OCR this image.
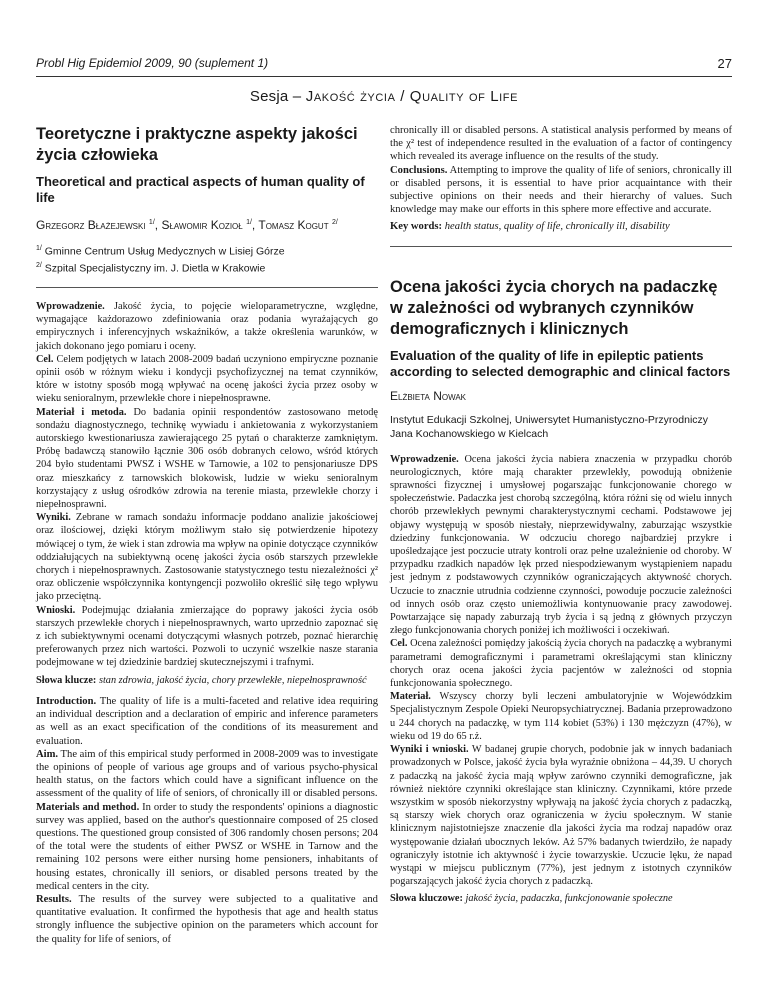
Probl Hig Epidemiol 2009, 90 (suplement 1)	27
Sesja – Jakość życia / Quality of Life
Teoretyczne i praktyczne aspekty jakości życia człowieka
Theoretical and practical aspects of human quality of life
Grzegorz Błażejewski $^{1/}$, Sławomir Kozioł $^{1/}$, Tomasz Kogut $^{2/}$

$^{1/}$ Gminne Centrum Usług Medycznych w Lisiej Górze

$^{2/}$ Szpital Specjalistyczny im. J. Dietla w Krakowie

Wprowadzenie. Jakość życia, to pojęcie wieloparametryczne, względne, wymagające każdorazowo zdefiniowania oraz podania wyrażających go empirycznych i inferencyjnych wskaźników, a także określenia warunków, w jakich dokonano jego pomiaru i oceny.

Cel. Celem podjętych w latach 2008-2009 badań uczyniono empiryczne poznanie opinii osób w różnym wieku i kondycji psychofizycznej na temat czynników, które w istotny sposób mogą wpływać na ocenę jakości życia przez osoby w wieku senioralnym, przewlekłe chore i niepełnosprawne.

Materiał i metoda. Do badania opinii respondentów zastosowano metodę sondażu diagnostycznego, technikę wywiadu i ankietowania z wykorzystaniem autorskiego kwestionariusza zawierającego 25 pytań o charakterze zamkniętym. Próbę badawczą stanowiło łącznie 306 osób dobranych celowo, wśród których 204 było studentami PWSZ i WSHE w Tarnowie, a 102 to pensjonariusze DPS oraz mieszkańcy z tarnowskich blokowisk, ludzie w wieku senioralnym korzystający z usług ośrodków zdrowia na terenie miasta, przewlekłe chorzy i niepełnosprawni.

Wyniki. Zebrane w ramach sondażu informacje poddano analizie jakościowej oraz ilościowej, dzięki którym możliwym stało się potwierdzenie hipotezy mówiącej o tym, że wiek i stan zdrowia ma wpływ na opinie dotyczące czynników oddziałujących na subiektywną ocenę jakości życia osób starszych przewlekłe chorych i niepełnosprawnych. Zastosowanie statystycznego testu niezależności χ² oraz obliczenie współczynnika kontyngencji pozwoliło określić siłę tego wpływu jako przeciętną.

Wnioski. Podejmując działania zmierzające do poprawy jakości życia osób starszych przewlekłe chorych i niepełnosprawnych, warto uprzednio zapoznać się z ich subiektywnymi ocenami dotyczącymi własnych potrzeb, poznać hierarchię preferowanych przez nich wartości. Pozwoli to uczynić wszelkie nasze starania podejmowane w tej dziedzinie bardziej skutecznejszymi i trafnymi.

Słowa klucze: stan zdrowia, jakość życia, chory przewlekłe, niepełnosprawność

Introduction. The quality of life is a multi-faceted and relative idea requiring an individual description and a declaration of empiric and inference parameters as well as an exact specification of the conditions of its measurement and evaluation.

Aim. The aim of this empirical study performed in 2008-2009 was to investigate the opinions of people of various age groups and of various psycho-physical health status, on the factors which could have a significant influence on the assessment of the quality of life of seniors, of chronically ill or disabled persons.

Materials and method. In order to study the respondents' opinions a diagnostic survey was applied, based on the author's questionnaire composed of 25 closed questions. The questioned group consisted of 306 randomly chosen persons; 204 of the total were the students of either PWSZ or WSHE in Tarnow and the remaining 102 persons were either nursing home pensioners, inhabitants of housing estates, chronically ill seniors, or disabled persons treated by the medical centers in the city.

Results. The results of the survey were subjected to a qualitative and quantitative evaluation. It confirmed the hypothesis that age and health status strongly influence the subjective opinion on the parameters which account for the quality for life of seniors, of

chronically ill or disabled persons. A statistical analysis performed by means of the χ² test of independence resulted in the evaluation of a factor of contingency which revealed its average influence on the results of the study.

Conclusions. Attempting to improve the quality of life of seniors, chronically ill or disabled persons, it is essential to have prior acquaintance with their subjective opinions on their needs and their hierarchy of values. Such knowledge may make our efforts in this sphere more effective and accurate.

Key words: health status, quality of life, chronically ill, disability

Ocena jakości życia chorych na padaczkę w zależności od wybranych czynników demograficznych i klinicznych
Evaluation of the quality of life in epileptic patients according to selected demographic and clinical factors
Elżbieta Nowak

Instytut Edukacji Szkolnej, Uniwersytet Humanistyczno-Przyrodniczy Jana Kochanowskiego w Kielcach

Wprowadzenie. Ocena jakości życia nabiera znaczenia w przypadku chorób neurologicznych, które mają charakter przewlekły, powodują obniżenie sprawności fizycznej i umysłowej pogarszając funkcjonowanie chorego w społeczeństwie. Padaczka jest chorobą szczególną, która różni się od wielu innych chorób przewlekłych pewnymi charakterystycznymi cechami. Podstawowe jej objawy występują w sposób niestały, nieprzewidywalny, zaburzając wszystkie dziedziny funkcjonowania. W odczuciu chorego najbardziej przykre i upośledzające jest poczucie utraty kontroli oraz pełne uzależnienie od choroby. W przypadku rzadkich napadów lęk przed niespodziewanym wystąpieniem napadu jest jednym z podstawowych czynników ograniczających aktywność chorych. Uczucie to znacznie utrudnia codzienne czynności, powoduje poczucie zależności od innych osób oraz często uniemożliwia kontynuowanie pracy zawodowej. Powtarzające się napady zaburzają tryb życia i są jedną z głównych przyczyn złego funkcjonowania chorych poniżej ich możliwości i oczekiwań.

Cel. Ocena zależności pomiędzy jakością życia chorych na padaczkę a wybranymi parametrami demograficznymi i parametrami określającymi stan kliniczny chorych oraz ocena jakości życia pacjentów w zależności od stopnia funkcjonowania społecznego.

Materiał. Wszyscy chorzy byli leczeni ambulatoryjnie w Wojewódzkim Specjalistycznym Zespole Opieki Neuropsychiatrycznej. Badania przeprowadzono u 244 chorych na padaczkę, w tym 114 kobiet (53%) i 130 mężczyzn (47%), w wieku od 19 do 65 r.ż.

Wyniki i wnioski. W badanej grupie chorych, podobnie jak w innych badaniach prowadzonych w Polsce, jakość życia była wyraźnie obniżona – 44,39. U chorych z padaczką na jakość życia mają wpływ zarówno czynniki demograficzne, jak również niektóre czynniki określające stan kliniczny. Czynnikami, które przede wszystkim w sposób niekorzystny wpływają na jakość życia chorych z padaczką, są starszy wiek chorych oraz ograniczenia w życiu społecznym. W stanie klinicznym najistotniejsze znaczenie dla jakości życia ma rodzaj napadów oraz występowanie działań ubocznych leków. Aż 57% badanych twierdziło, że napady ograniczyły istotnie ich aktywność i życie towarzyskie. Uczucie lęku, że napad wystąpi w miejscu publicznym (77%), jest jednym z istotnych czynników pogarszających jakość życia chorych z padaczką.

Słowa kluczowe: jakość życia, padaczka, funkcjonowanie społeczne
